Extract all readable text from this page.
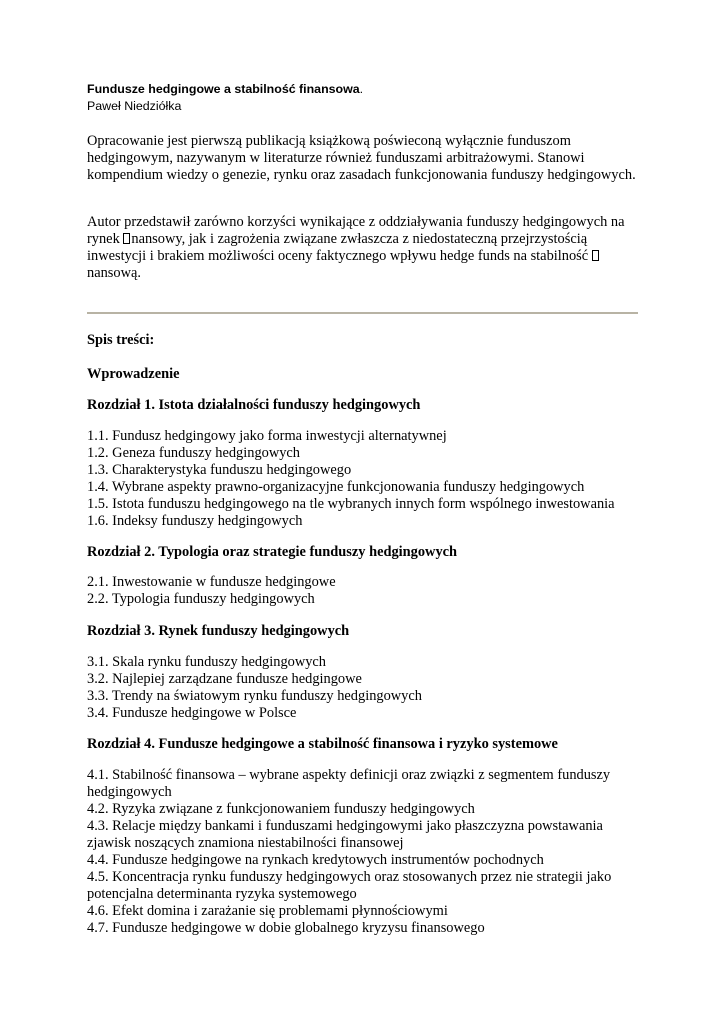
Fundusze hedgingowe a stabilność finansowa.
Paweł Niedziółka
Opracowanie jest pierwszą publikacją książkową poświeconą wyłącznie funduszom hedgingowym, nazywanym w literaturze również funduszami arbitrażowymi. Stanowi kompendium wiedzy o genezie, rynku oraz zasadach funkcjonowania funduszy hedgingowych.
Autor przedstawił zarówno korzyści wynikające z oddziaływania funduszy hedgingowych na rynek nansowy, jak i zagrożenia związane zwłaszcza z niedostateczną przejrzystością inwestycji i brakiem możliwości oceny faktycznego wpływu hedge funds na stabilność nansową.
Spis treści:
Wprowadzenie
Rozdział 1. Istota działalności funduszy hedgingowych
1.1. Fundusz hedgingowy jako forma inwestycji alternatywnej
1.2. Geneza funduszy hedgingowych
1.3. Charakterystyka funduszu hedgingowego
1.4. Wybrane aspekty prawno-organizacyjne funkcjonowania funduszy hedgingowych
1.5. Istota funduszu hedgingowego na tle wybranych innych form wspólnego inwestowania
1.6. Indeksy funduszy hedgingowych
Rozdział 2. Typologia oraz strategie funduszy hedgingowych
2.1. Inwestowanie w fundusze hedgingowe
2.2. Typologia funduszy hedgingowych
Rozdział 3. Rynek funduszy hedgingowych
3.1. Skala rynku funduszy hedgingowych
3.2. Najlepiej zarządzane fundusze hedgingowe
3.3. Trendy na światowym rynku funduszy hedgingowych
3.4. Fundusze hedgingowe w Polsce
Rozdział 4. Fundusze hedgingowe a stabilność finansowa i ryzyko systemowe
4.1. Stabilność finansowa – wybrane aspekty definicji oraz związki z segmentem funduszy hedgingowych
4.2. Ryzyka związane z funkcjonowaniem funduszy hedgingowych
4.3. Relacje między bankami i funduszami hedgingowymi jako płaszczyzna powstawania zjawisk noszących znamiona niestabilności finansowej
4.4. Fundusze hedgingowe na rynkach kredytowych instrumentów pochodnych
4.5. Koncentracja rynku funduszy hedgingowych oraz stosowanych przez nie strategii jako potencjalna determinanta ryzyka systemowego
4.6. Efekt domina i zarażanie się problemami płynnościowymi
4.7. Fundusze hedgingowe w dobie globalnego kryzysu finansowego
